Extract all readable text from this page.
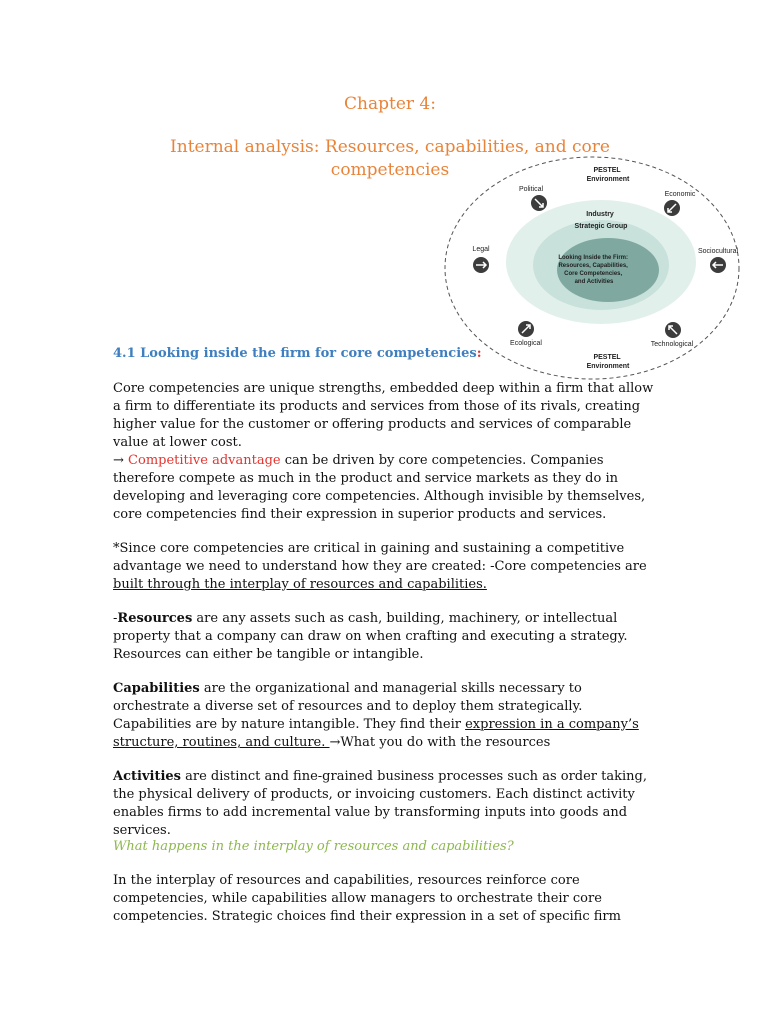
Chapter 4:

Internal analysis: Resources, capabilities, and core competencies	PESTEL Environment
Industry Strategic Group
Looking Inside the Firm: Resources, Capabilities, Core Competencies, and Activities
PESTEL Environment
Political
Economic
Sociocultural
Technological
Ecological
Legal
4.1 Looking inside the firm for core competencies:

Core competencies are unique strengths, embedded deep within a firm that allow a firm to differentiate its products and services from those of its rivals, creating higher value for the customer or offering products and services of comparable value at lower cost.

→ Competitive advantage can be driven by core competencies. Companies therefore compete as much in the product and service markets as they do in developing and leveraging core competencies. Although invisible by themselves, core competencies find their expression in superior products and services.

*Since core competencies are critical in gaining and sustaining a competitive advantage we need to understand how they are created: -Core competencies are built through the interplay of resources and capabilities.

-Resources are any assets such as cash, building, machinery, or intellectual property that a company can draw on when crafting and executing a strategy. Resources can either be tangible or intangible.

Capabilities are the organizational and managerial skills necessary to orchestrate a diverse set of resources and to deploy them strategically. Capabilities are by nature intangible. They find their expression in a company’s structure, routines, and culture. →What you do with the resources

Activities are distinct and fine-grained business processes such as order taking, the physical delivery of products, or invoicing customers. Each distinct activity enables firms to add incremental value by transforming inputs into goods and services.

What happens in the interplay of resources and capabilities?

In the interplay of resources and capabilities, resources reinforce core competencies, while capabilities allow managers to orchestrate their core competencies. Strategic choices find their expression in a set of specific firm
